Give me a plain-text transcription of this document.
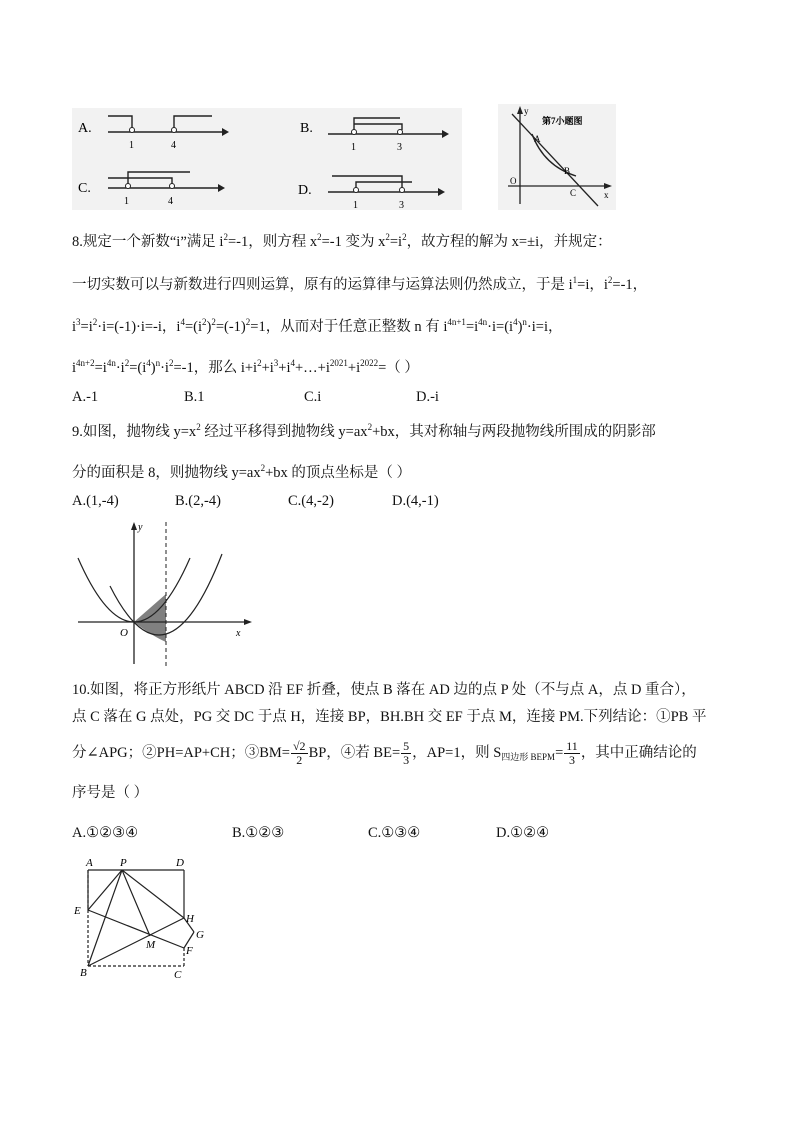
A.
1	4
B.
1	3
C.
1	4
D.
1	3
y
x
O
第7小题图
A
B
C
8.规定一个新数“i”满足 $i^2=-1$，则方程 $x^2=-1$ 变为 $x^2=i^2$，故方程的解为 x=±i，并规定：
一切实数可以与新数进行四则运算，原有的运算律与运算法则仍然成立，于是 $i^1=i$，$i^2=-1$，
$i^3=i^2\cdot i=(-1)\cdot i=-i$，$i^4=(i^2)^2=(-1)^2=1$，从而对于任意正整数 n 有 $i^{4n+1}=i^{4n}\cdot i=(i^4)^n\cdot i=i$，
$i^{4n+2}=i^{4n}\cdot i^2=(i^4)^n\cdot i^2=-1$，那么 $i+i^2+i^3+i^4+\dots+i^{2021}+i^{2022}=$（ ）
A.-1	B.1	C.i	D.-i
9.如图，抛物线 $y=x^2$ 经过平移得到抛物线 $y=ax^2+bx$，其对称轴与两段抛物线所围成的阴影部
分的面积是 8，则抛物线 $y=ax^2+bx$ 的顶点坐标是（ ）
A.(1,-4)	B.(2,-4)	C.(4,-2)	D.(4,-1)
y
x
O
10.如图，将正方形纸片 ABCD 沿 EF 折叠，使点 B 落在 AD 边的点 P 处（不与点 A，点 D 重合），
点 C 落在 G 点处，PG 交 DC 于点 H，连接 BP，BH.BH 交 EF 于点 M，连接 PM.下列结论：①PB 平
分∠APG；②PH=AP+CH；③BM= $\frac{√2}{2}$ BP，④若 $BE= \frac{5}{3}$ ，AP=1，则 $S_{四边形 BEPM}= \frac{11}{3}$ ，其中正确结论的
序号是（ ）
A.①②③④	B.①②③	C.①③④	D.①②④
A P	D
E
H
G
M	F
B	C
